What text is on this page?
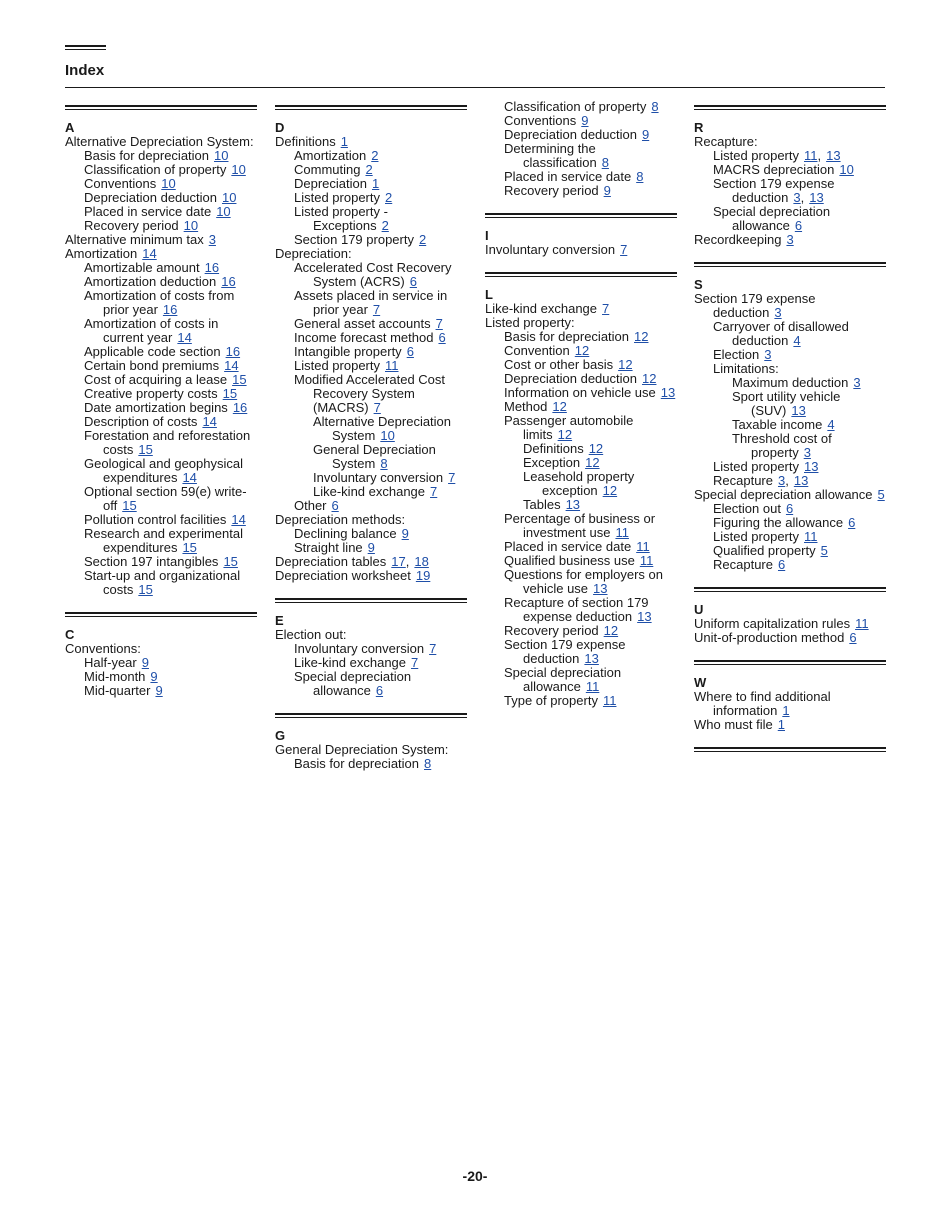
Index
A
Alternative Depreciation System:
Basis for depreciation 10
Classification of property 10
Conventions 10
Depreciation deduction 10
Placed in service date 10
Recovery period 10
Alternative minimum tax 3
Amortization 14
Amortizable amount 16
Amortization deduction 16
Amortization of costs from prior year 16
Amortization of costs in current year 14
Applicable code section 16
Certain bond premiums 14
Cost of acquiring a lease 15
Creative property costs 15
Date amortization begins 16
Description of costs 14
Forestation and reforestation costs 15
Geological and geophysical expenditures 14
Optional section 59(e) write-off 15
Pollution control facilities 14
Research and experimental expenditures 15
Section 197 intangibles 15
Start-up and organizational costs 15
C
Conventions:
Half-year 9
Mid-month 9
Mid-quarter 9
D
Definitions 1
Amortization 2
Commuting 2
Depreciation 1
Listed property 2
Listed property - Exceptions 2
Section 179 property 2
Depreciation:
Accelerated Cost Recovery System (ACRS) 6
Assets placed in service in prior year 7
General asset accounts 7
Income forecast method 6
Intangible property 6
Listed property 11
Modified Accelerated Cost Recovery System (MACRS) 7
Alternative Depreciation System 10
General Depreciation System 8
Involuntary conversion 7
Like-kind exchange 7
Other 6
Depreciation methods:
Declining balance 9
Straight line 9
Depreciation tables 17, 18
Depreciation worksheet 19
E
Election out:
Involuntary conversion 7
Like-kind exchange 7
Special depreciation allowance 6
G
General Depreciation System:
Basis for depreciation 8
Classification of property 8
Conventions 9
Depreciation deduction 9
Determining the classification 8
Placed in service date 8
Recovery period 9
I
Involuntary conversion 7
L
Like-kind exchange 7
Listed property:
Basis for depreciation 12
Convention 12
Cost or other basis 12
Depreciation deduction 12
Information on vehicle use 13
Method 12
Passenger automobile limits 12
Definitions 12
Exception 12
Leasehold property exception 12
Tables 13
Percentage of business or investment use 11
Placed in service date 11
Qualified business use 11
Questions for employers on vehicle use 13
Recapture of section 179 expense deduction 13
Recovery period 12
Section 179 expense deduction 13
Special depreciation allowance 11
Type of property 11
R
Recapture:
Listed property 11, 13
MACRS depreciation 10
Section 179 expense deduction 3, 13
Special depreciation allowance 6
Recordkeeping 3
S
Section 179 expense deduction 3
Carryover of disallowed deduction 4
Election 3
Limitations:
Maximum deduction 3
Sport utility vehicle (SUV) 13
Taxable income 4
Threshold cost of property 3
Listed property 13
Recapture 3, 13
Special depreciation allowance 5
Election out 6
Figuring the allowance 6
Listed property 11
Qualified property 5
Recapture 6
U
Uniform capitalization rules 11
Unit-of-production method 6
W
Where to find additional information 1
Who must file 1
-20-
